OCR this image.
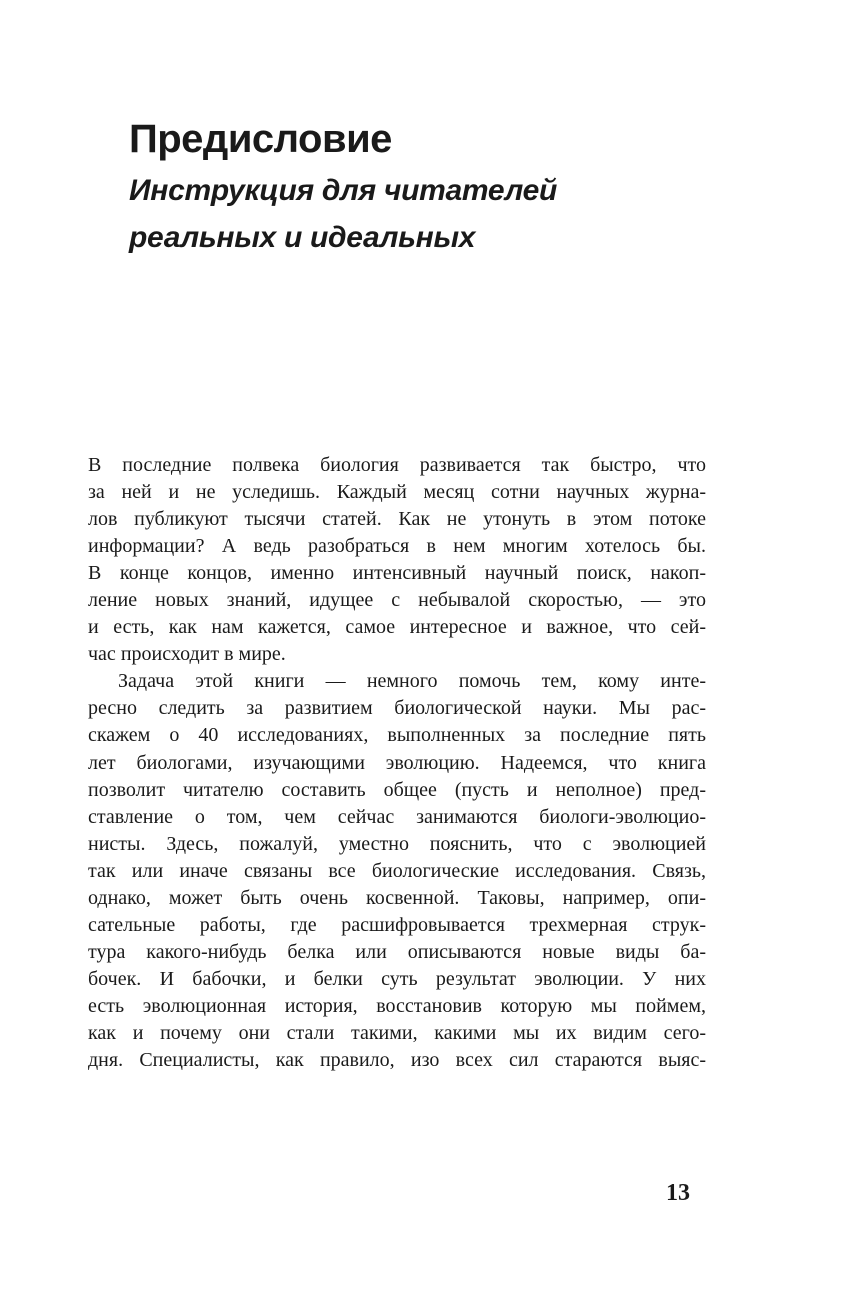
Предисловие
Инструкция для читателей
реальных и идеальных
В последние полвека биология развивается так быстро, что
за ней и не уследишь. Каждый месяц сотни научных журна-
лов публикуют тысячи статей. Как не утонуть в этом потоке
информации? А ведь разобраться в нем многим хотелось бы.
В конце концов, именно интенсивный научный поиск, накоп-
ление новых знаний, идущее с небывалой скоростью, — это
и есть, как нам кажется, самое интересное и важное, что сей-
час происходит в мире.
Задача этой книги — немного помочь тем, кому инте-
ресно следить за развитием биологической науки. Мы рас-
скажем о 40 исследованиях, выполненных за последние пять
лет биологами, изучающими эволюцию. Надеемся, что книга
позволит читателю составить общее (пусть и неполное) пред-
ставление о том, чем сейчас занимаются биологи-эволюцио-
нисты. Здесь, пожалуй, уместно пояснить, что с эволюцией
так или иначе связаны все биологические исследования. Связь,
однако, может быть очень косвенной. Таковы, например, опи-
сательные работы, где расшифровывается трехмерная струк-
тура какого-нибудь белка или описываются новые виды ба-
бочек. И бабочки, и белки суть результат эволюции. У них
есть эволюционная история, восстановив которую мы поймем,
как и почему они стали такими, какими мы их видим сего-
дня. Специалисты, как правило, изо всех сил стараются выяс-
13
